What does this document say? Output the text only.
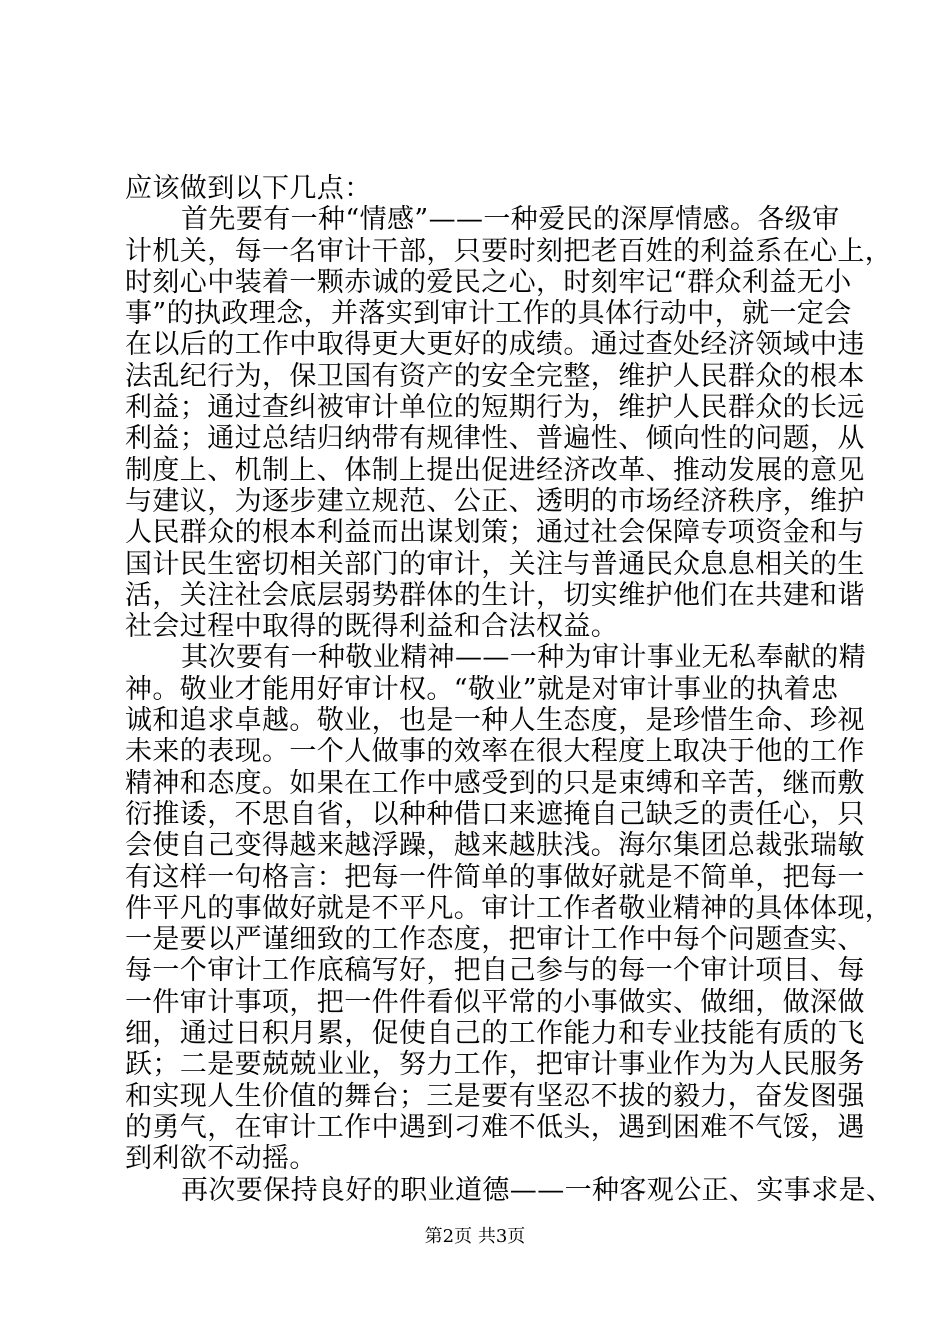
应该做到以下几点：
首先要有一种“情感”——一种爱民的深厚情感。各级审
计机关，每一名审计干部，只要时刻把老百姓的利益系在心上，
时刻心中装着一颗赤诚的爱民之心，时刻牢记“群众利益无小
事”的执政理念，并落实到审计工作的具体行动中，就一定会
在以后的工作中取得更大更好的成绩。通过查处经济领域中违
法乱纪行为，保卫国有资产的安全完整，维护人民群众的根本
利益；通过查纠被审计单位的短期行为，维护人民群众的长远
利益；通过总结归纳带有规律性、普遍性、倾向性的问题，从
制度上、机制上、体制上提出促进经济改革、推动发展的意见
与建议，为逐步建立规范、公正、透明的市场经济秩序，维护
人民群众的根本利益而出谋划策；通过社会保障专项资金和与
国计民生密切相关部门的审计，关注与普通民众息息相关的生
活，关注社会底层弱势群体的生计，切实维护他们在共建和谐
社会过程中取得的既得利益和合法权益。
其次要有一种敬业精神——一种为审计事业无私奉献的精
神。敬业才能用好审计权。“敬业”就是对审计事业的执着忠
诚和追求卓越。敬业，也是一种人生态度，是珍惜生命、珍视
未来的表现。一个人做事的效率在很大程度上取决于他的工作
精神和态度。如果在工作中感受到的只是束缚和辛苦，继而敷
衍推诿，不思自省，以种种借口来遮掩自己缺乏的责任心，只
会使自己变得越来越浮躁，越来越肤浅。海尔集团总裁张瑞敏
有这样一句格言：把每一件简单的事做好就是不简单，把每一
件平凡的事做好就是不平凡。审计工作者敬业精神的具体体现，
一是要以严谨细致的工作态度，把审计工作中每个问题查实、
每一个审计工作底稿写好，把自己参与的每一个审计项目、每
一件审计事项，把一件件看似平常的小事做实、做细，做深做
细，通过日积月累，促使自己的工作能力和专业技能有质的飞
跃；二是要兢兢业业，努力工作，把审计事业作为为人民服务
和实现人生价值的舞台；三是要有坚忍不拔的毅力，奋发图强
的勇气，在审计工作中遇到刁难不低头，遇到困难不气馁，遇
到利欲不动摇。
再次要保持良好的职业道德——一种客观公正、实事求是、
第2页 共3页
